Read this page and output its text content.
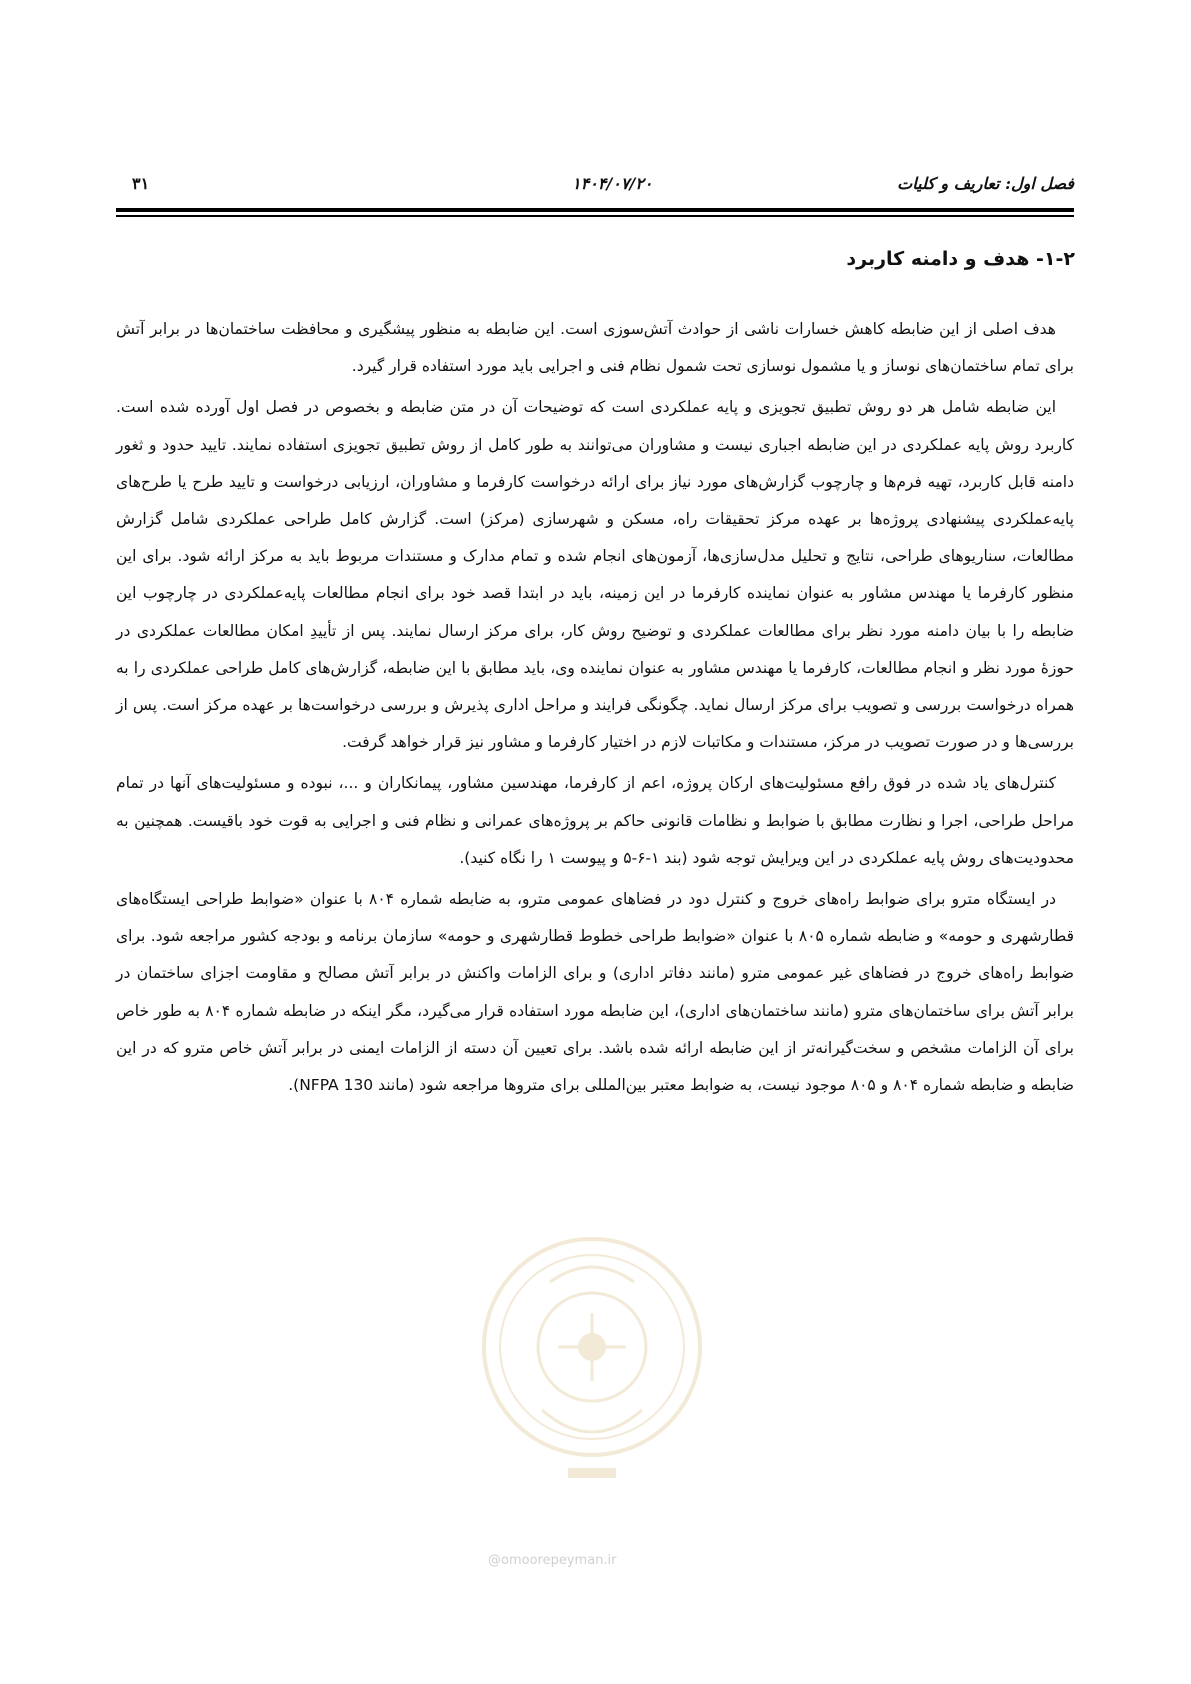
فصل اول: تعاریف و کلیات
۱۴۰۴/۰۷/۲۰
۳۱
۱-۲- هدف و دامنه کاربرد

هدف اصلی از این ضابطه کاهش خسارات ناشی از حوادث آتش‌سوزی است. این ضابطه به منظور پیشگیری و محافظت ساختمان‌ها در برابر آتش برای تمام ساختمان‌های نوساز و یا مشمول نوسازی تحت شمول نظام فنی و اجرایی باید مورد استفاده قرار گیرد.

این ضابطه شامل هر دو روش تطبیق تجویزی و پایه عملکردی است که توضیحات آن در متن ضابطه و بخصوص در فصل اول آورده شده است. کاربرد روش پایه عملکردی در این ضابطه اجباری نیست و مشاوران می‌توانند به طور کامل از روش تطبیق تجویزی استفاده نمایند. تایید حدود و ثغور دامنه قابل کاربرد، تهیه فرم‌ها و چارچوب گزارش‌های مورد نیاز برای ارائه درخواست کارفرما و مشاوران، ارزیابی درخواست و تایید طرح یا طرح‌های پایه‌عملکردی پیشنهادی پروژه‌ها بر عهده مرکز تحقیقات راه، مسکن و شهرسازی (مرکز) است. گزارش کامل طراحی عملکردی شامل گزارش مطالعات، سناریوهای طراحی، نتایج و تحلیل مدل‌سازی‌ها، آزمون‌های انجام شده و تمام مدارک و مستندات مربوط باید به مرکز ارائه شود. برای این منظور کارفرما یا مهندس مشاور به عنوان نماینده کارفرما در این زمینه، باید در ابتدا قصد خود برای انجام مطالعات پایه‌عملکردی در چارچوب این ضابطه را با بیان دامنه مورد نظر برای مطالعات عملکردی و توضیح روش کار، برای مرکز ارسال نمایند. پس از تأییدِ امکان مطالعات عملکردی در حوزۀ مورد نظر و انجام مطالعات، کارفرما یا مهندس مشاور به عنوان نماینده وی، باید مطابق با این ضابطه، گزارش‌های کامل طراحی عملکردی را به همراه درخواست بررسی و تصویب برای مرکز ارسال نماید. چگونگی فرایند و مراحل اداری پذیرش و بررسی درخواست‌ها بر عهده مرکز است. پس از بررسی‌ها و در صورت تصویب در مرکز، مستندات و مکاتبات لازم در اختیار کارفرما و مشاور نیز قرار خواهد گرفت.

کنترل‌های یاد شده در فوق رافع مسئولیت‌های ارکان پروژه، اعم از کارفرما، مهندسین مشاور، پیمانکاران و ...، نبوده و مسئولیت‌های آنها در تمام مراحل طراحی، اجرا و نظارت مطابق با ضوابط و نظامات قانونی حاکم بر پروژه‌های عمرانی و نظام فنی و اجرایی به قوت خود باقیست. همچنین به محدودیت‌های روش پایه عملکردی در این ویرایش توجه شود (بند ۱-۶-۵ و پیوست ۱ را نگاه کنید).

در ایستگاه مترو برای ضوابط راه‌های خروج و کنترل دود در فضاهای عمومی مترو، به ضابطه شماره ۸۰۴ با عنوان «ضوابط طراحی ایستگاه‌های قطارشهری و حومه» و ضابطه شماره ۸۰۵ با عنوان «ضوابط طراحی خطوط قطارشهری و حومه» سازمان برنامه و بودجه کشور مراجعه شود. برای ضوابط راه‌های خروج در فضاهای غیر عمومی مترو (مانند دفاتر اداری) و برای الزامات واکنش در برابر آتش مصالح و مقاومت اجزای ساختمان در برابر آتش برای ساختمان‌های مترو (مانند ساختمان‌های اداری)، این ضابطه مورد استفاده قرار می‌گیرد، مگر اینکه در ضابطه شماره ۸۰۴ به طور خاص برای آن الزامات مشخص و سخت‌گیرانه‌تر از این ضابطه ارائه شده باشد. برای تعیین آن دسته از الزامات ایمنی در برابر آتش خاص مترو که در این ضابطه و ضابطه شماره ۸۰۴ و ۸۰۵ موجود نیست، به ضوابط معتبر بین‌المللی برای متروها مراجعه شود (مانند NFPA 130).

@omoorepeyman.ir
